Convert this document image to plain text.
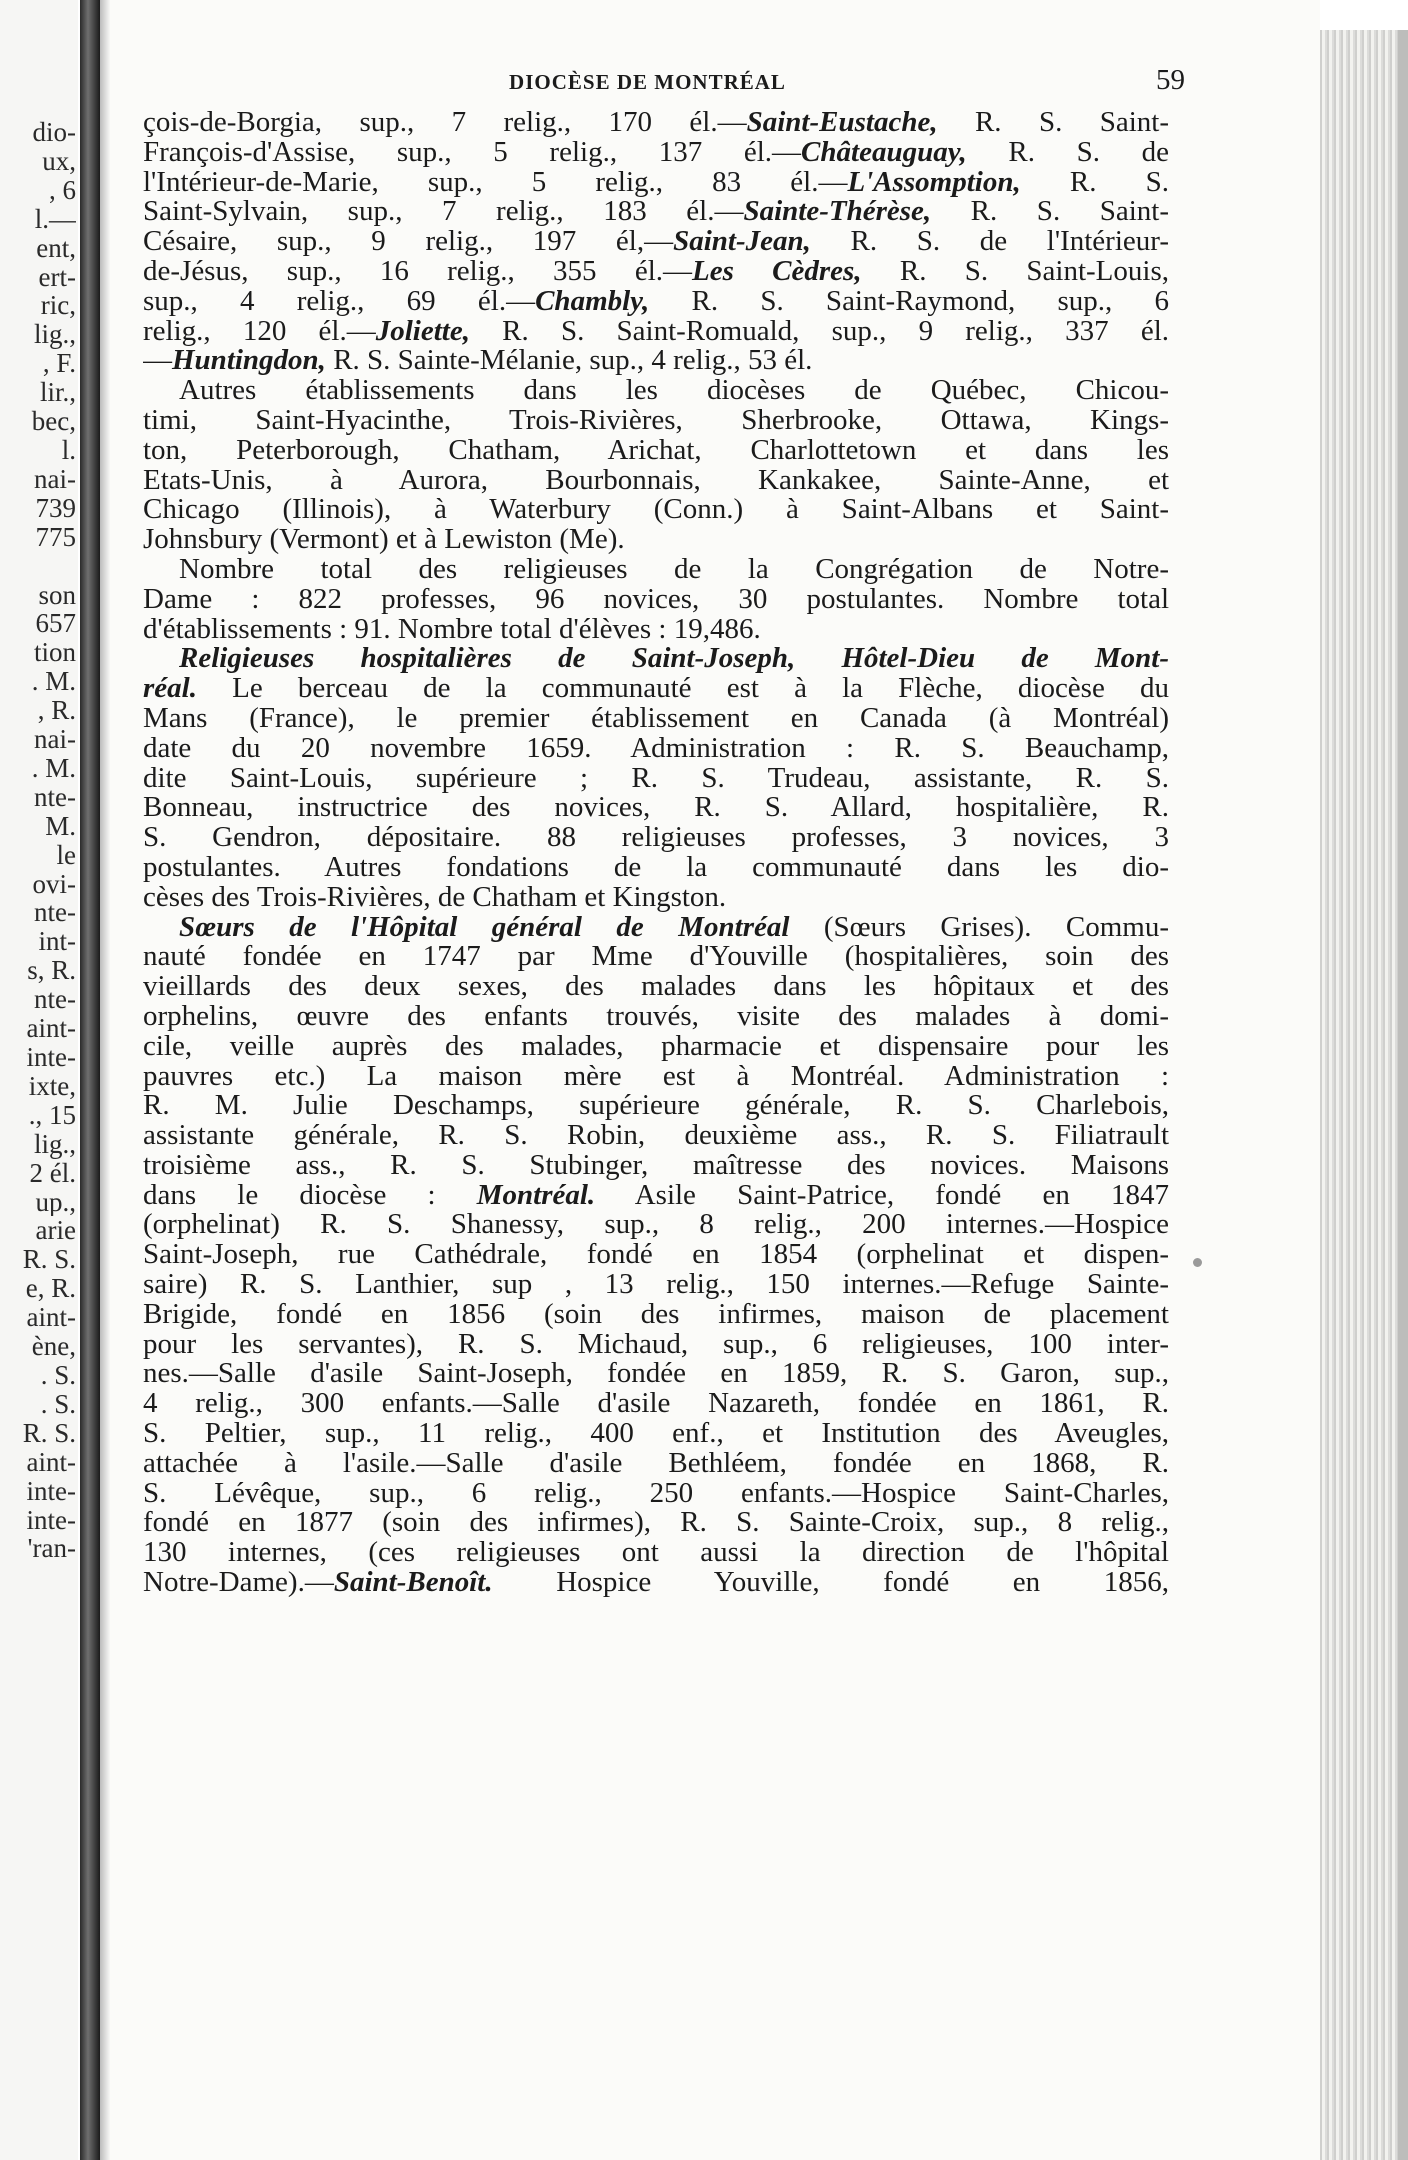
dio-
ux,
, 6
l.—
ent,
ert-
ric,
lig.,
, F.
lir.,
bec,
l.
nai-
739
775

son
657
tion
. M.
, R.
nai-
. M.
nte-
M.
le
ovi-
nte-
int-
s, R.
nte-
aint-
inte-
ixte,
., 15
lig.,
2 él.
up.,
arie
R. S.
e, R.
aint-
ène,
. S.
. S.
R. S.
aint-
inte-
inte-
'ran-
DIOCÈSE DE MONTRÉAL	59
çois-de-Borgia, sup., 7 relig., 170 él.—Saint-Eustache, R. S. Saint-
François-d'Assise, sup., 5 relig., 137 él.—Châteauguay, R. S. de
l'Intérieur-de-Marie, sup., 5 relig., 83 él.—L'Assomption, R. S.
Saint-Sylvain, sup., 7 relig., 183 él.—Sainte-Thérèse, R. S. Saint-
Césaire, sup., 9 relig., 197 él,—Saint-Jean, R. S. de l'Intérieur-
de-Jésus, sup., 16 relig., 355 él.—Les Cèdres, R. S. Saint-Louis,
sup., 4 relig., 69 él.—Chambly, R. S. Saint-Raymond, sup., 6
relig., 120 él.—Joliette, R. S. Saint-Romuald, sup., 9 relig., 337 él.
—Huntingdon, R. S. Sainte-Mélanie, sup., 4 relig., 53 él.
Autres établissements dans les diocèses de Québec, Chicou-
timi, Saint-Hyacinthe, Trois-Rivières, Sherbrooke, Ottawa, Kings-
ton, Peterborough, Chatham, Arichat, Charlottetown et dans les
Etats-Unis, à Aurora, Bourbonnais, Kankakee, Sainte-Anne, et
Chicago (Illinois), à Waterbury (Conn.) à Saint-Albans et Saint-
Johnsbury (Vermont) et à Lewiston (Me).
Nombre total des religieuses de la Congrégation de Notre-
Dame : 822 professes, 96 novices, 30 postulantes. Nombre total
d'établissements : 91. Nombre total d'élèves : 19,486.
Religieuses hospitalières de Saint-Joseph, Hôtel-Dieu de Mont-
réal. Le berceau de la communauté est à la Flèche, diocèse du
Mans (France), le premier établissement en Canada (à Montréal)
date du 20 novembre 1659. Administration : R. S. Beauchamp,
dite Saint-Louis, supérieure ; R. S. Trudeau, assistante, R. S.
Bonneau, instructrice des novices, R. S. Allard, hospitalière, R.
S. Gendron, dépositaire. 88 religieuses professes, 3 novices, 3
postulantes. Autres fondations de la communauté dans les dio-
cèses des Trois-Rivières, de Chatham et Kingston.
Sœurs de l'Hôpital général de Montréal (Sœurs Grises). Commu-
nauté fondée en 1747 par Mme d'Youville (hospitalières, soin des
vieillards des deux sexes, des malades dans les hôpitaux et des
orphelins, œuvre des enfants trouvés, visite des malades à domi-
cile, veille auprès des malades, pharmacie et dispensaire pour les
pauvres etc.) La maison mère est à Montréal. Administration :
R. M. Julie Deschamps, supérieure générale, R. S. Charlebois,
assistante générale, R. S. Robin, deuxième ass., R. S. Filiatrault
troisième ass., R. S. Stubinger, maîtresse des novices. Maisons
dans le diocèse : Montréal. Asile Saint-Patrice, fondé en 1847
(orphelinat) R. S. Shanessy, sup., 8 relig., 200 internes.—Hospice
Saint-Joseph, rue Cathédrale, fondé en 1854 (orphelinat et dispen-
saire) R. S. Lanthier, sup , 13 relig., 150 internes.—Refuge Sainte-
Brigide, fondé en 1856 (soin des infirmes, maison de placement
pour les servantes), R. S. Michaud, sup., 6 religieuses, 100 inter-
nes.—Salle d'asile Saint-Joseph, fondée en 1859, R. S. Garon, sup.,
4 relig., 300 enfants.—Salle d'asile Nazareth, fondée en 1861, R.
S. Peltier, sup., 11 relig., 400 enf., et Institution des Aveugles,
attachée à l'asile.—Salle d'asile Bethléem, fondée en 1868, R.
S. Lévêque, sup., 6 relig., 250 enfants.—Hospice Saint-Charles,
fondé en 1877 (soin des infirmes), R. S. Sainte-Croix, sup., 8 relig.,
130 internes, (ces religieuses ont aussi la direction de l'hôpital
Notre-Dame).—Saint-Benoît. Hospice Youville, fondé en 1856,
